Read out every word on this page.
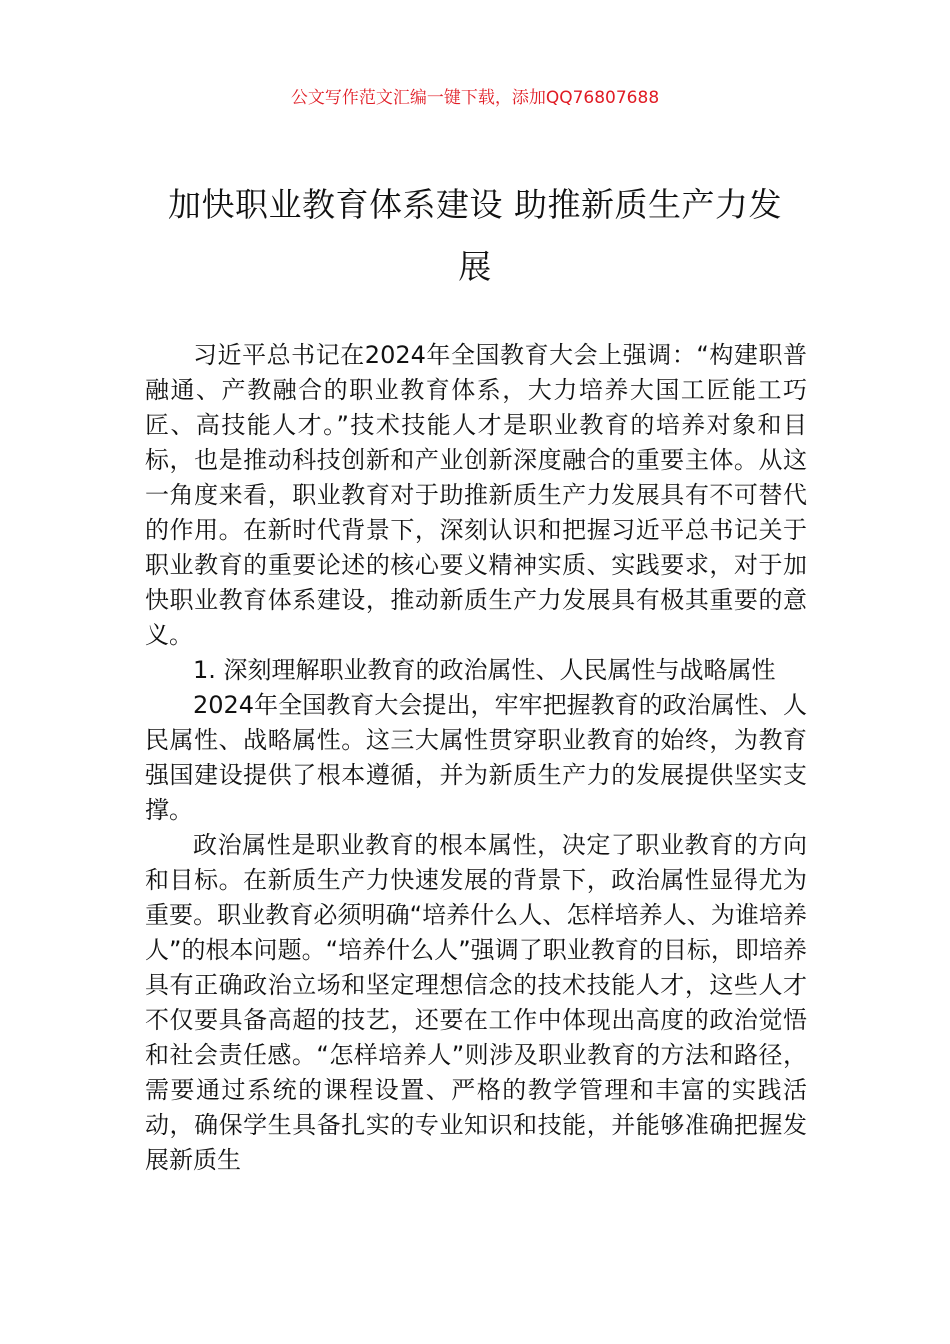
公文写作范文汇编一键下载，添加QQ76807688
加快职业教育体系建设 助推新质生产力发
展

习近平总书记在2024年全国教育大会上强调：“构建职普融通、产教融合的职业教育体系，大力培养大国工匠能工巧匠、高技能人才。”技术技能人才是职业教育的培养对象和目标，也是推动科技创新和产业创新深度融合的重要主体。从这一角度来看，职业教育对于助推新质生产力发展具有不可替代的作用。在新时代背景下，深刻认识和把握习近平总书记关于职业教育的重要论述的核心要义精神实质、实践要求，对于加快职业教育体系建设，推动新质生产力发展具有极其重要的意义。

1. 深刻理解职业教育的政治属性、人民属性与战略属性

2024年全国教育大会提出，牢牢把握教育的政治属性、人民属性、战略属性。这三大属性贯穿职业教育的始终，为教育强国建设提供了根本遵循，并为新质生产力的发展提供坚实支撑。

政治属性是职业教育的根本属性，决定了职业教育的方向和目标。在新质生产力快速发展的背景下，政治属性显得尤为重要。职业教育必须明确“培养什么人、怎样培养人、为谁培养人”的根本问题。“培养什么人”强调了职业教育的目标，即培养具有正确政治立场和坚定理想信念的技术技能人才，这些人才不仅要具备高超的技艺，还要在工作中体现出高度的政治觉悟和社会责任感。“怎样培养人”则涉及职业教育的方法和路径，需要通过系统的课程设置、严格的教学管理和丰富的实践活动，确保学生具备扎实的专业知识和技能，并能够准确把握发展新质生
